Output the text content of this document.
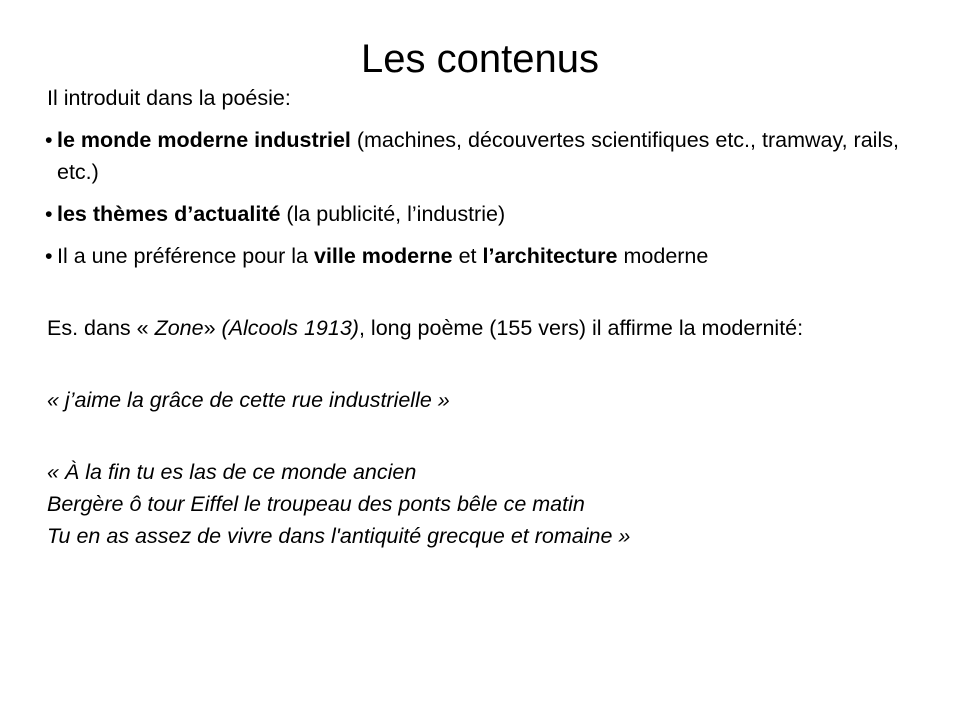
Les contenus

Il introduit dans la poésie:

• le monde moderne industriel (machines, découvertes scientifiques etc., tramway, rails, etc.)

• les thèmes d’actualité (la publicité, l’industrie)

• Il a une préférence pour la ville moderne et l’architecture moderne

Es. dans « Zone» (Alcools 1913), long poème (155 vers) il affirme la modernité:

« j’aime la grâce de cette rue industrielle »

« À la fin tu es las de ce monde ancien
Bergère ô tour Eiffel le troupeau des ponts bêle ce matin
Tu en as assez de vivre dans l'antiquité grecque et romaine »
